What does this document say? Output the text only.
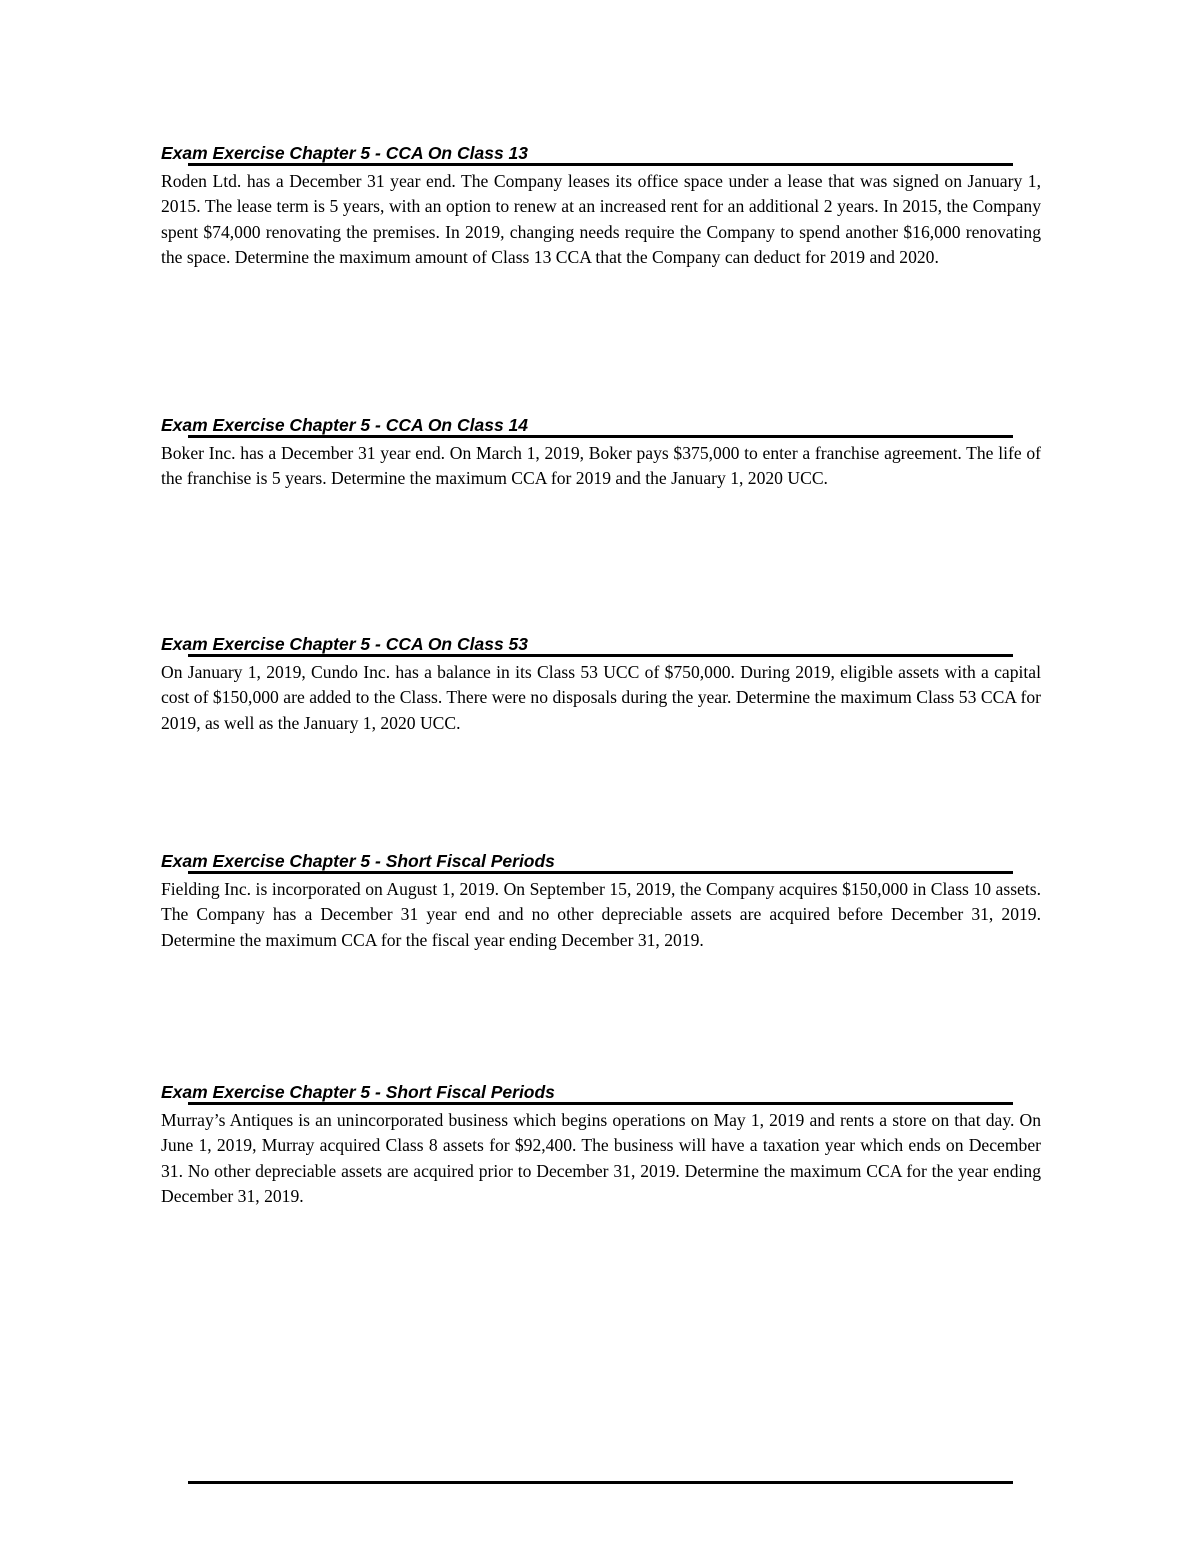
Exam Exercise Chapter 5 - CCA On Class 13

Roden Ltd. has a December 31 year end. The Company leases its office space under a lease that was signed on January 1, 2015. The lease term is 5 years, with an option to renew at an increased rent for an additional 2 years. In 2015, the Company spent $74,000 renovating the premises. In 2019, changing needs require the Company to spend another $16,000 renovating the space. Determine the maximum amount of Class 13 CCA that the Company can deduct for 2019 and 2020.

Exam Exercise Chapter 5 - CCA On Class 14

Boker Inc. has a December 31 year end. On March 1, 2019, Boker pays $375,000 to enter a franchise agreement. The life of the franchise is 5 years. Determine the maximum CCA for 2019 and the January 1, 2020 UCC.

Exam Exercise Chapter 5 - CCA On Class 53

On January 1, 2019, Cundo Inc. has a balance in its Class 53 UCC of $750,000. During 2019, eligible assets with a capital cost of $150,000 are added to the Class. There were no disposals during the year. Determine the maximum Class 53 CCA for 2019, as well as the January 1, 2020 UCC.

Exam Exercise Chapter 5 - Short Fiscal Periods

Fielding Inc. is incorporated on August 1, 2019. On September 15, 2019, the Company acquires $150,000 in Class 10 assets. The Company has a December 31 year end and no other depreciable assets are acquired before December 31, 2019. Determine the maximum CCA for the fiscal year ending December 31, 2019.

Exam Exercise Chapter 5 - Short Fiscal Periods

Murray’s Antiques is an unincorporated business which begins operations on May 1, 2019 and rents a store on that day. On June 1, 2019, Murray acquired Class 8 assets for $92,400. The business will have a taxation year which ends on December 31. No other depreciable assets are acquired prior to December 31, 2019. Determine the maximum CCA for the year ending December 31, 2019.
